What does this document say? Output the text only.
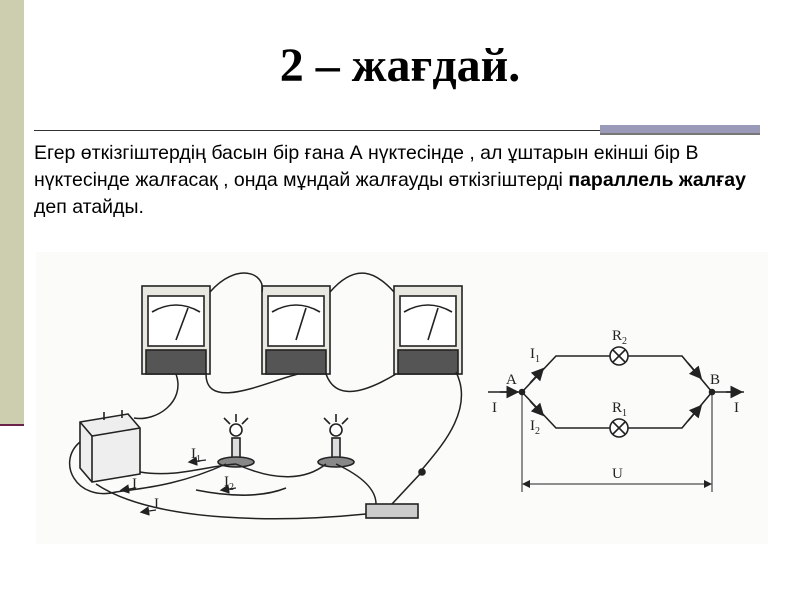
2 – жағдай.

Егер өткізгіштердің басын бір ғана А нүктесінде , ал ұштарын екінші бір В нүктесінде жалғасақ , онда мұндай жалғауды өткізгіштерді параллель жалғау деп атайды.

I
$I_1$
$I_2$
I
A	B
I	I
$I_1$
$I_2$
$R_2$
$R_1$
U
